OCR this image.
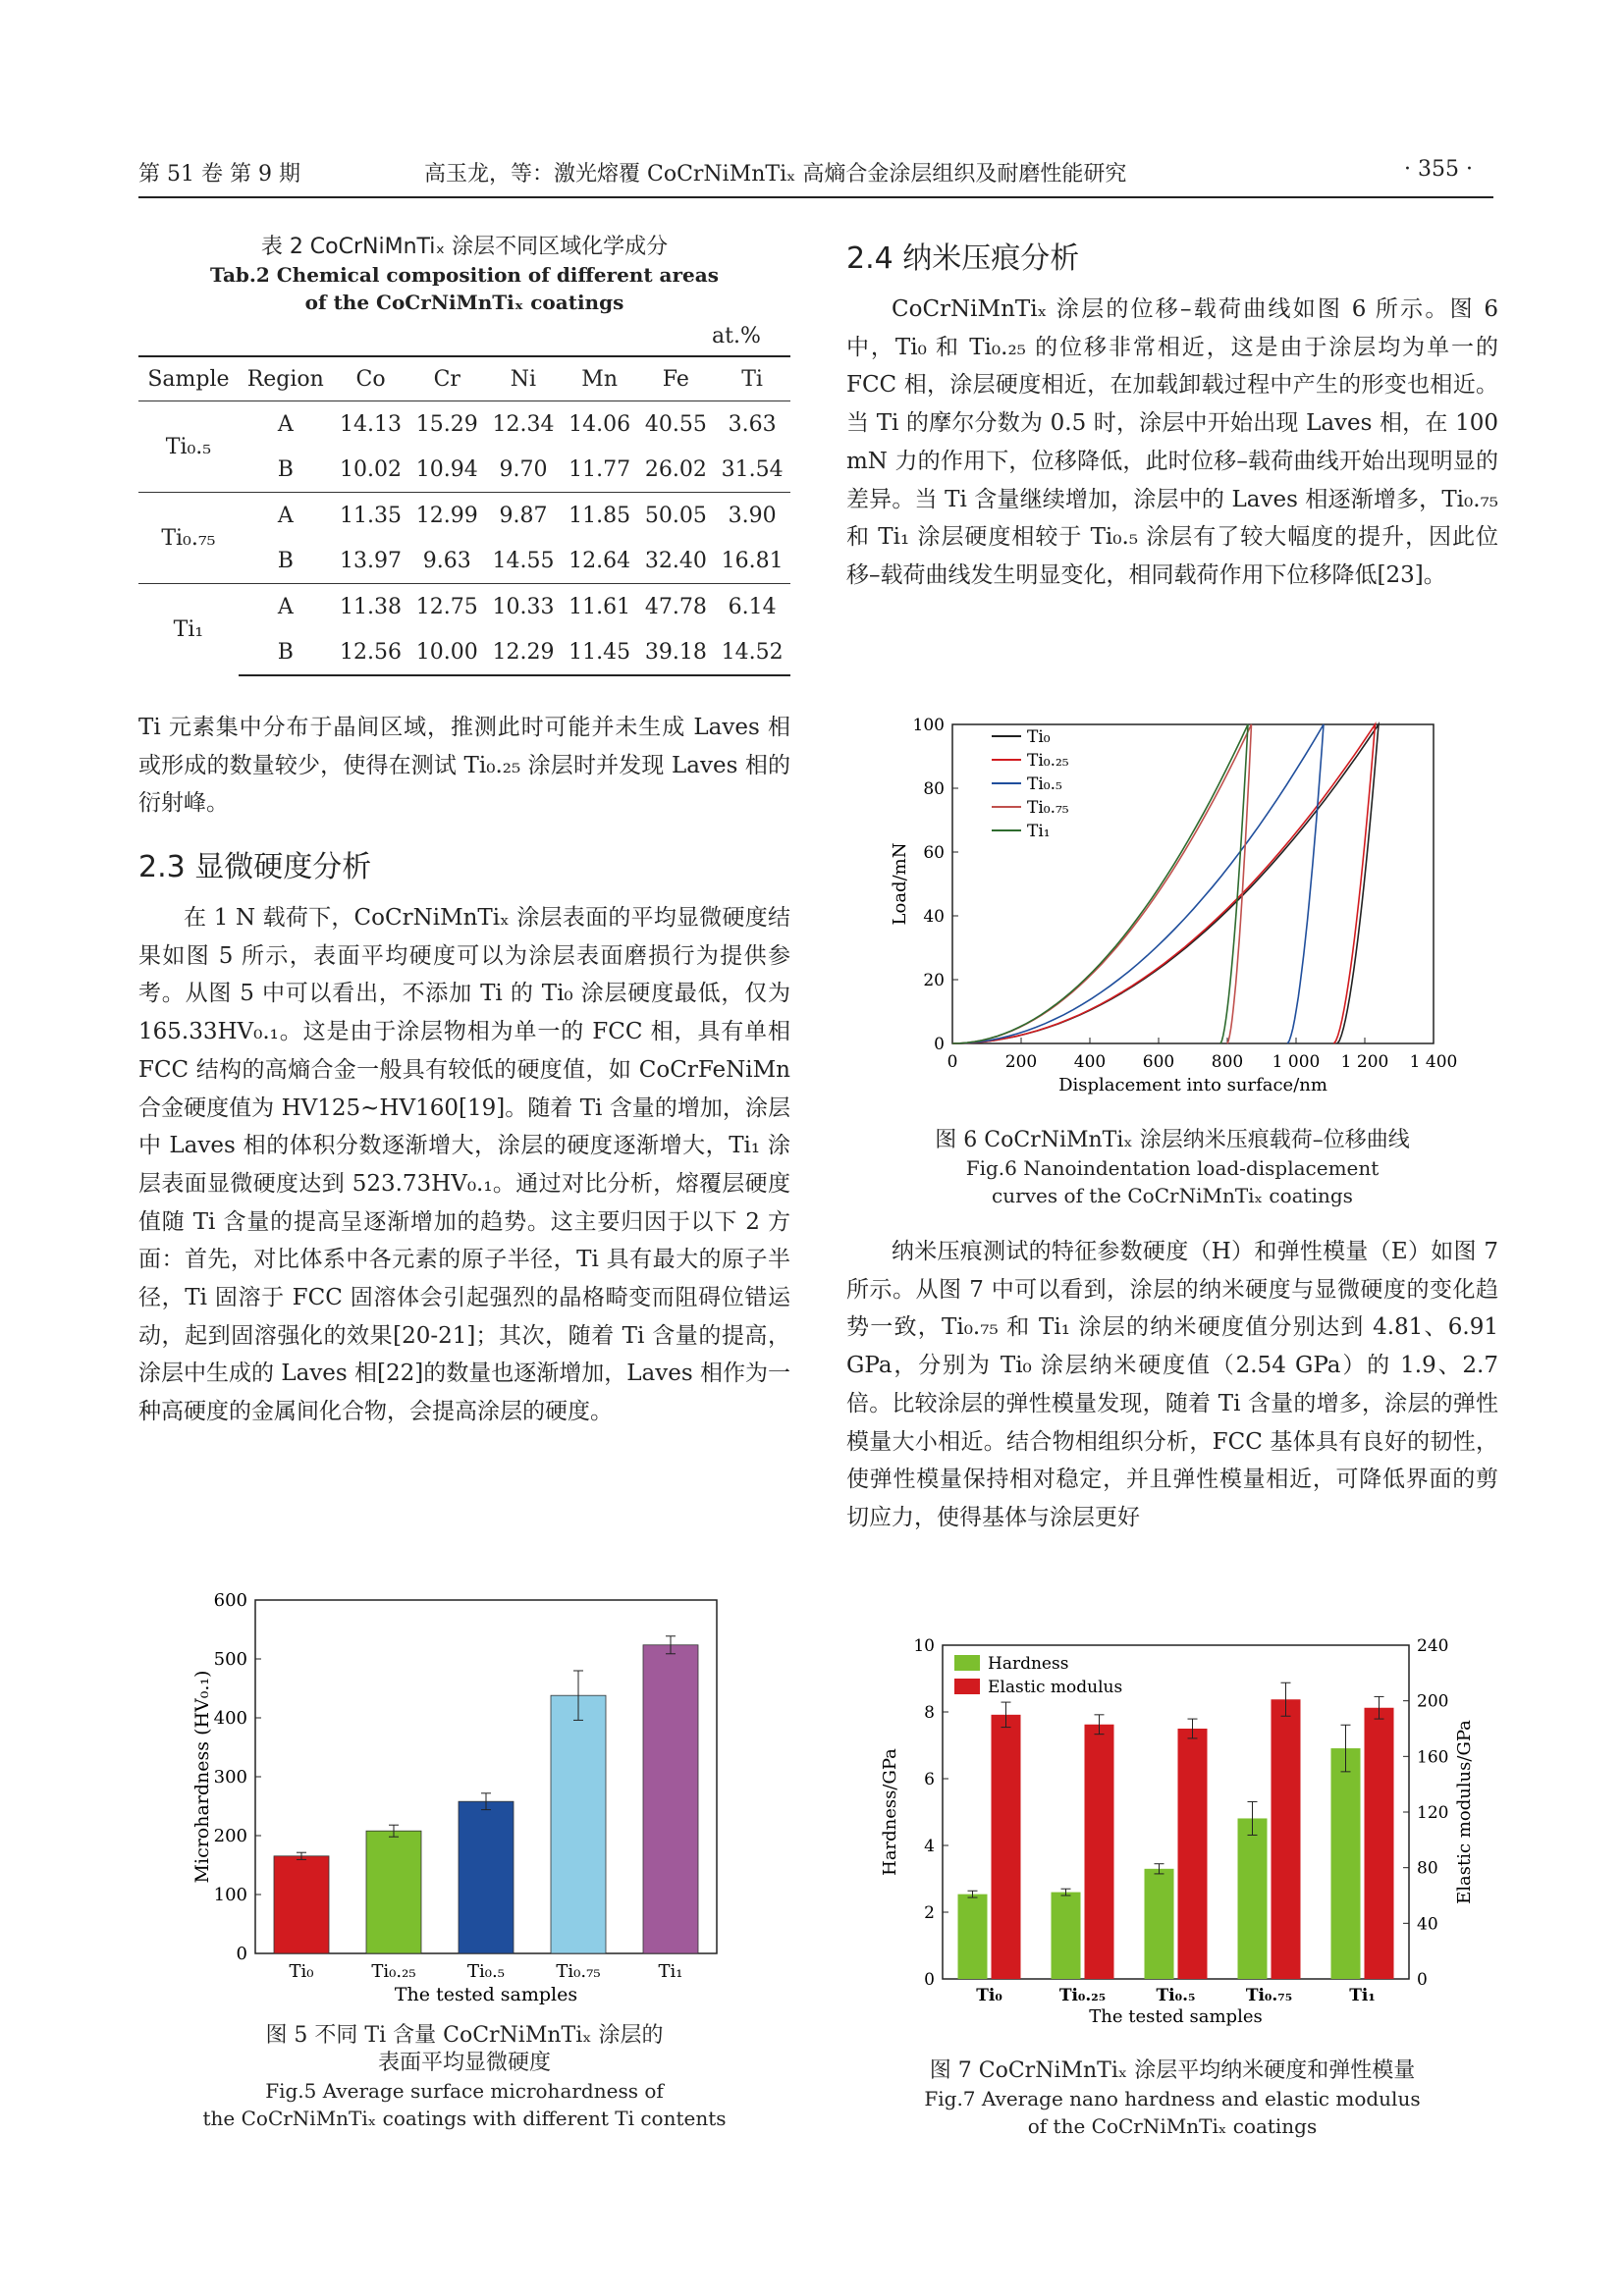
第 51 卷 第 9 期	高玉龙，等：激光熔覆 CoCrNiMnTiₓ 高熵合金涂层组织及耐磨性能研究	· 355 ·
表 2 CoCrNiMnTiₓ 涂层不同区域化学成分
Tab.2 Chemical composition of different areas
of the CoCrNiMnTiₓ coatings
at.%
Sample	Region	Co	Cr	Ni	Mn	Fe	Ti
Ti₀.₅	A	14.13	15.29	12.34	14.06	40.55	3.63
	B	10.02	10.94	9.70	11.77	26.02	31.54
Ti₀.₇₅	A	11.35	12.99	9.87	11.85	50.05	3.90
	B	13.97	9.63	14.55	12.64	32.40	16.81
Ti₁	A	11.38	12.75	10.33	11.61	47.78	6.14
	B	12.56	10.00	12.29	11.45	39.18	14.52

Ti 元素集中分布于晶间区域，推测此时可能并未生成 Laves 相或形成的数量较少，使得在测试 Ti₀.₂₅ 涂层时并发现 Laves 相的衍射峰。

2.3 显微硬度分析

在 1 N 载荷下，CoCrNiMnTiₓ 涂层表面的平均显微硬度结果如图 5 所示，表面平均硬度可以为涂层表面磨损行为提供参考。从图 5 中可以看出，不添加 Ti 的 Ti₀ 涂层硬度最低，仅为 165.33HV₀.₁。这是由于涂层物相为单一的 FCC 相，具有单相 FCC 结构的高熵合金一般具有较低的硬度值，如 CoCrFeNiMn 合金硬度值为 HV125~HV160[19]。随着 Ti 含量的增加，涂层中 Laves 相的体积分数逐渐增大，涂层的硬度逐渐增大，Ti₁ 涂层表面显微硬度达到 523.73HV₀.₁。通过对比分析，熔覆层硬度值随 Ti 含量的提高呈逐渐增加的趋势。这主要归因于以下 2 方面：首先，对比体系中各元素的原子半径，Ti 具有最大的原子半径，Ti 固溶于 FCC 固溶体会引起强烈的晶格畸变而阻碍位错运动，起到固溶强化的效果[20-21]；其次，随着 Ti 含量的提高，涂层中生成的 Laves 相[22]的数量也逐渐增加，Laves 相作为一种高硬度的金属间化合物，会提高涂层的硬度。

2.4 纳米压痕分析

CoCrNiMnTiₓ 涂层的位移–载荷曲线如图 6 所示。图 6 中，Ti₀ 和 Ti₀.₂₅ 的位移非常相近，这是由于涂层均为单一的 FCC 相，涂层硬度相近，在加载卸载过程中产生的形变也相近。当 Ti 的摩尔分数为 0.5 时，涂层中开始出现 Laves 相，在 100 mN 力的作用下，位移降低，此时位移–载荷曲线开始出现明显的差异。当 Ti 含量继续增加，涂层中的 Laves 相逐渐增多，Ti₀.₇₅ 和 Ti₁ 涂层硬度相较于 Ti₀.₅ 涂层有了较大幅度的提升，因此位移–载荷曲线发生明显变化，相同载荷作用下位移降低[23]。

0	200 400 600 800 1 000 1 200 1 400
0
20
40
60
80
100
Ti₀
Ti₀.₂₅
Ti₀.₅
Ti₀.₇₅
Ti₁
Displacement into surface/nm
Load/mN
图 6 CoCrNiMnTiₓ 涂层纳米压痕载荷–位移曲线
Fig.6 Nanoindentation load-displacement
curves of the CoCrNiMnTiₓ coatings

纳米压痕测试的特征参数硬度（H）和弹性模量（E）如图 7 所示。从图 7 中可以看到，涂层的纳米硬度与显微硬度的变化趋势一致，Ti₀.₇₅ 和 Ti₁ 涂层的纳米硬度值分别达到 4.81、6.91 GPa，分别为 Ti₀ 涂层纳米硬度值（2.54 GPa）的 1.9、2.7 倍。比较涂层的弹性模量发现，随着 Ti 含量的增多，涂层的弹性模量大小相近。结合物相组织分析，FCC 基体具有良好的韧性，使弹性模量保持相对稳定，并且弹性模量相近，可降低界面的剪切应力，使得基体与涂层更好

0
100
200
300
400
500
600
Ti₀	Ti₀.₂₅	Ti₀.₅	Ti₀.₇₅	Ti₁
The tested samples
Microhardness (HV₀.₁)
图 5 不同 Ti 含量 CoCrNiMnTiₓ 涂层的
表面平均显微硬度
Fig.5 Average surface microhardness of
the CoCrNiMnTiₓ coatings with different Ti contents
0
2
4
6
8
10
0
40
80
120
160
200
240
Ti₀	Ti₀.₂₅	Ti₀.₅	Ti₀.₇₅	Ti₁
Hardness
Elastic modulus
The tested samples
Hardness/GPa	Elastic modulus/GPa
图 7 CoCrNiMnTiₓ 涂层平均纳米硬度和弹性模量
Fig.7 Average nano hardness and elastic modulus
of the CoCrNiMnTiₓ coatings
